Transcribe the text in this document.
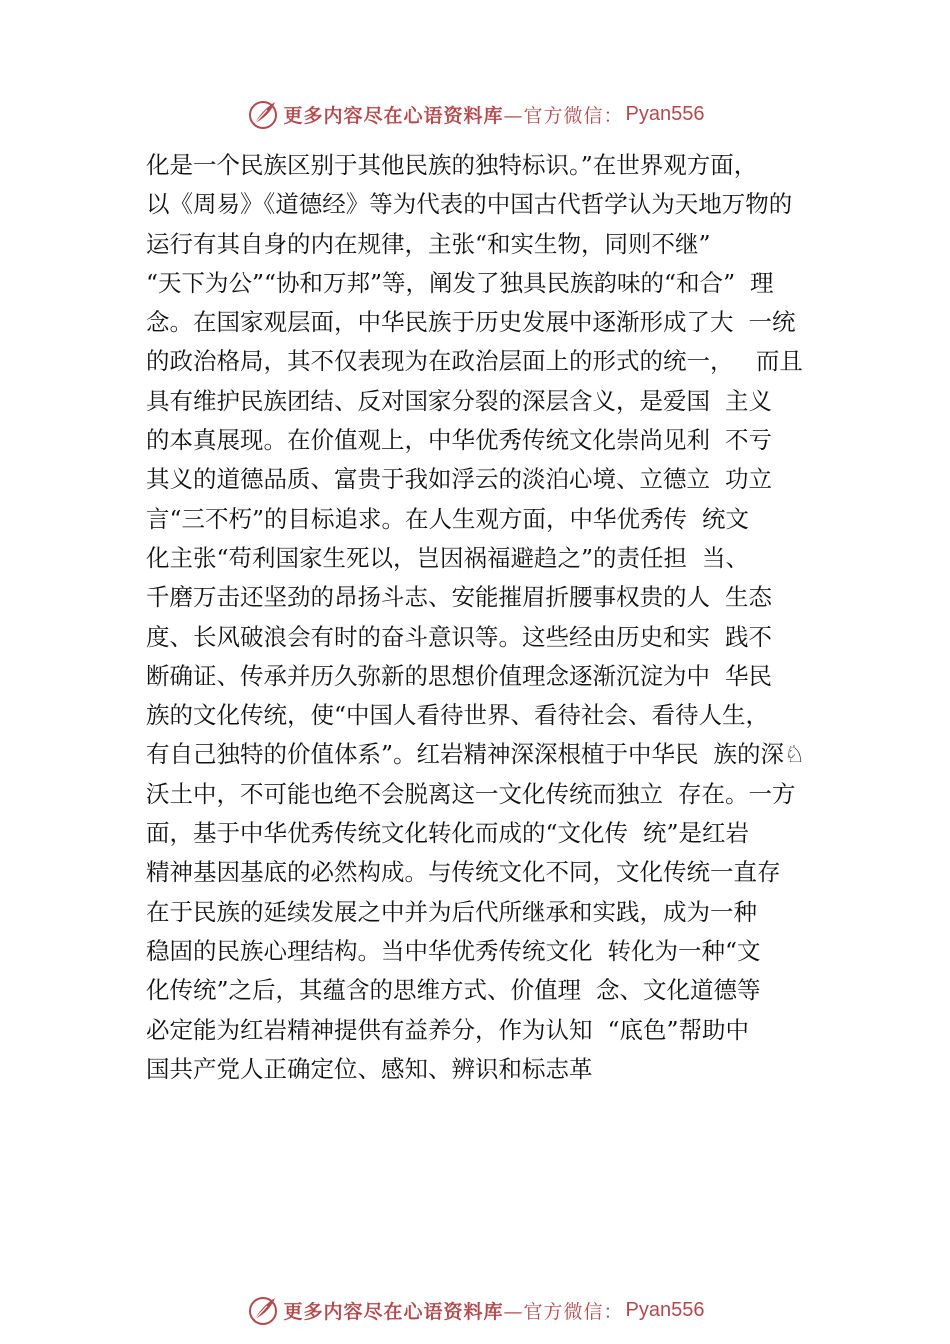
更多内容尽在心语资料库 —官方微信： Pyan556
化是一个民族区别于其他民族的独特标识。”在世界观方面，
以《周易》《道德经》等为代表的中国古代哲学认为天地万物的
运行有其自身的内在规律，主张“和实生物，同则不继”
“天下为公”“协和万邦”等，阐发了独具民族韵味的“和合”  理
念。在国家观层面，中华民族于历史发展中逐渐形成了大  一统
的政治格局，其不仅表现为在政治层面上的形式的统一，   而且
具有维护民族团结、反对国家分裂的深层含义，是爱国  主义
的本真展现。在价值观上，中华优秀传统文化崇尚见利  不亏
其义的道德品质、富贵于我如浮云的淡泊心境、立德立  功立
言“三不朽”的目标追求。在人生观方面，中华优秀传  统文
化主张“苟利国家生死以，岂因祸福避趋之”的责任担  当、
千磨万击还坚劲的昂扬斗志、安能摧眉折腰事权贵的人  生态
度、长风破浪会有时的奋斗意识等。这些经由历史和实  践不
断确证、传承并历久弥新的思想价值理念逐渐沉淀为中  华民
族的文化传统，使“中国人看待世界、看待社会、看待人生，
有自己独特的价值体系”。红岩精神深深根植于中华民  族的深♘
沃土中，不可能也绝不会脱离这一文化传统而独立  存在。一方
面，基于中华优秀传统文化转化而成的“文化传  统”是红岩
精神基因基底的必然构成。与传统文化不同，文化传统一直存
在于民族的延续发展之中并为后代所继承和实践，成为一种
稳固的民族心理结构。当中华优秀传统文化  转化为一种“文
化传统”之后，其蕴含的思维方式、价值理  念、文化道德等
必定能为红岩精神提供有益养分，作为认知  “底色”帮助中
国共产党人正确定位、感知、辨识和标志革
更多内容尽在心语资料库 —官方微信： Pyan556
